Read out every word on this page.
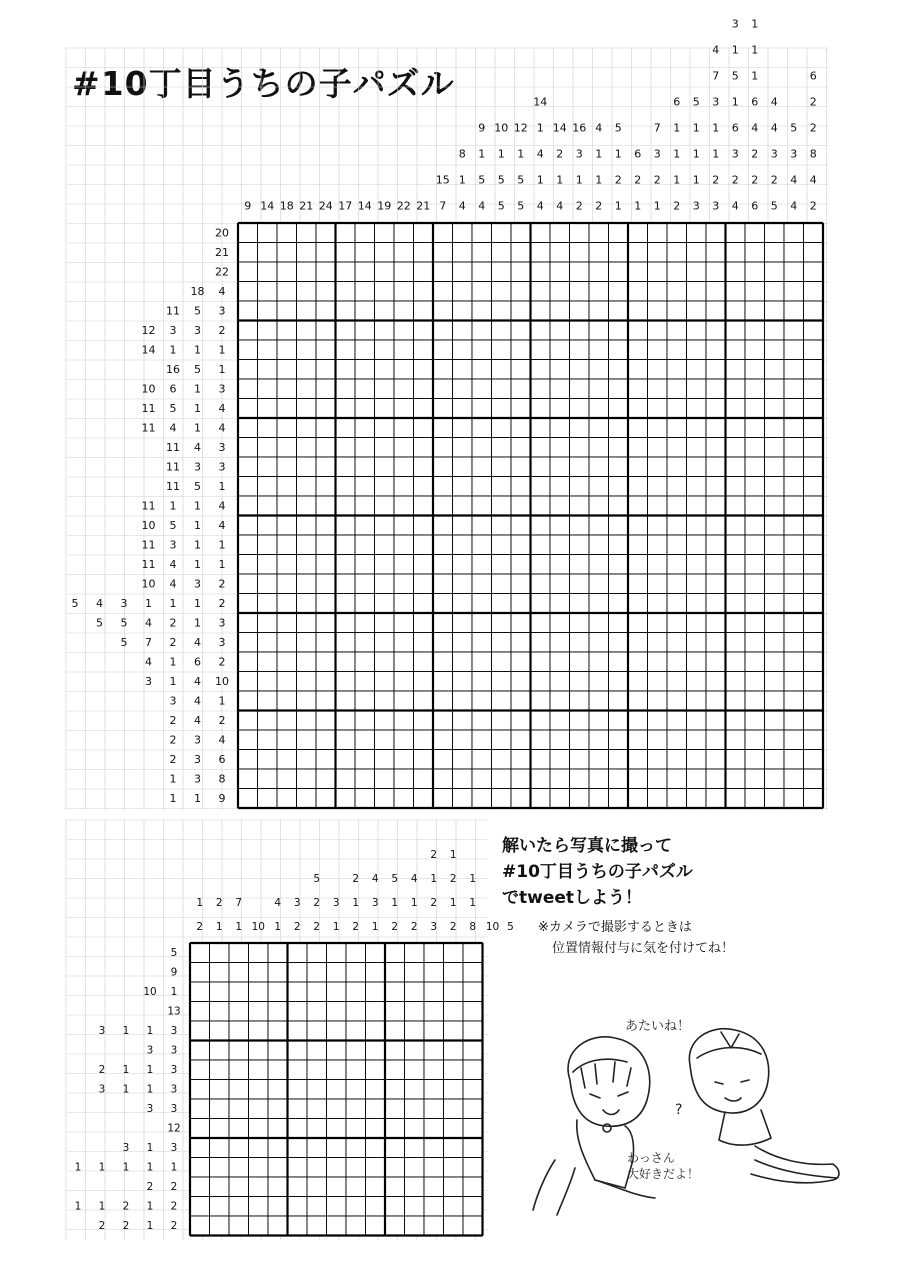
#10丁目うちの子パズル
解いたら写真に撮って
#10丁目うちの子パズル
でtweetしよう！
※カメラで撮影するときは
位置情報付与に気を付けてね！
あたいね！
わっさん
大好きだよ！
?
9 14 18 21 24 17 14 19 22 21
15
7
8
1
4
9
1
5
4
10
1
5
5
12
1
5
5
14
1
4
1
4
14
2
1
4
16
3
1
2
4
1
1
2
5
1
2
1
6
2
1
7
3
2
1
6
1
1
1
2
5
1
1
1
3
4
7
3
1
1
2
3
3
1
5
1
6
3
2
4
1
1
1
6
4
2
2
6
4
4
3
2
5
5
3
4
4
6
2
2
8
4
2
20
21
22
18 4
11 5 3
12 3 3 2
14 1 1 1
16 5 1
10 6 1 3
11 5 1 4
11 4 1 4
11 4 3
11 3 3
11 5 1
11 1 1 4
10 5 1 4
11 3 1 1
11 4 1 1
10 4 3 2
5 4 3 1 1 1 2
5 5 4 2 1 3
5 7 2 4 3
4 1 6 2
3 1 4 10
3 4 1
2 4 2
2 3 4
2 3 6
1 3 8
1 1 9
1
2
2
1
7
1 10
4
1
3
2
5
2
2
3
1
2
1
2
4
3
1
5
1
2
4
1
2
2
1
2
3
1
2
1
2
1
1
8 10 5
5
9
10 1
13
3 1 1 3
3 3
2 1 1 3
3 1 1 3
3 3
12
3 1 3
1 1 1 1 1
2 2
1 1 2 1 2
2 2 1 2
